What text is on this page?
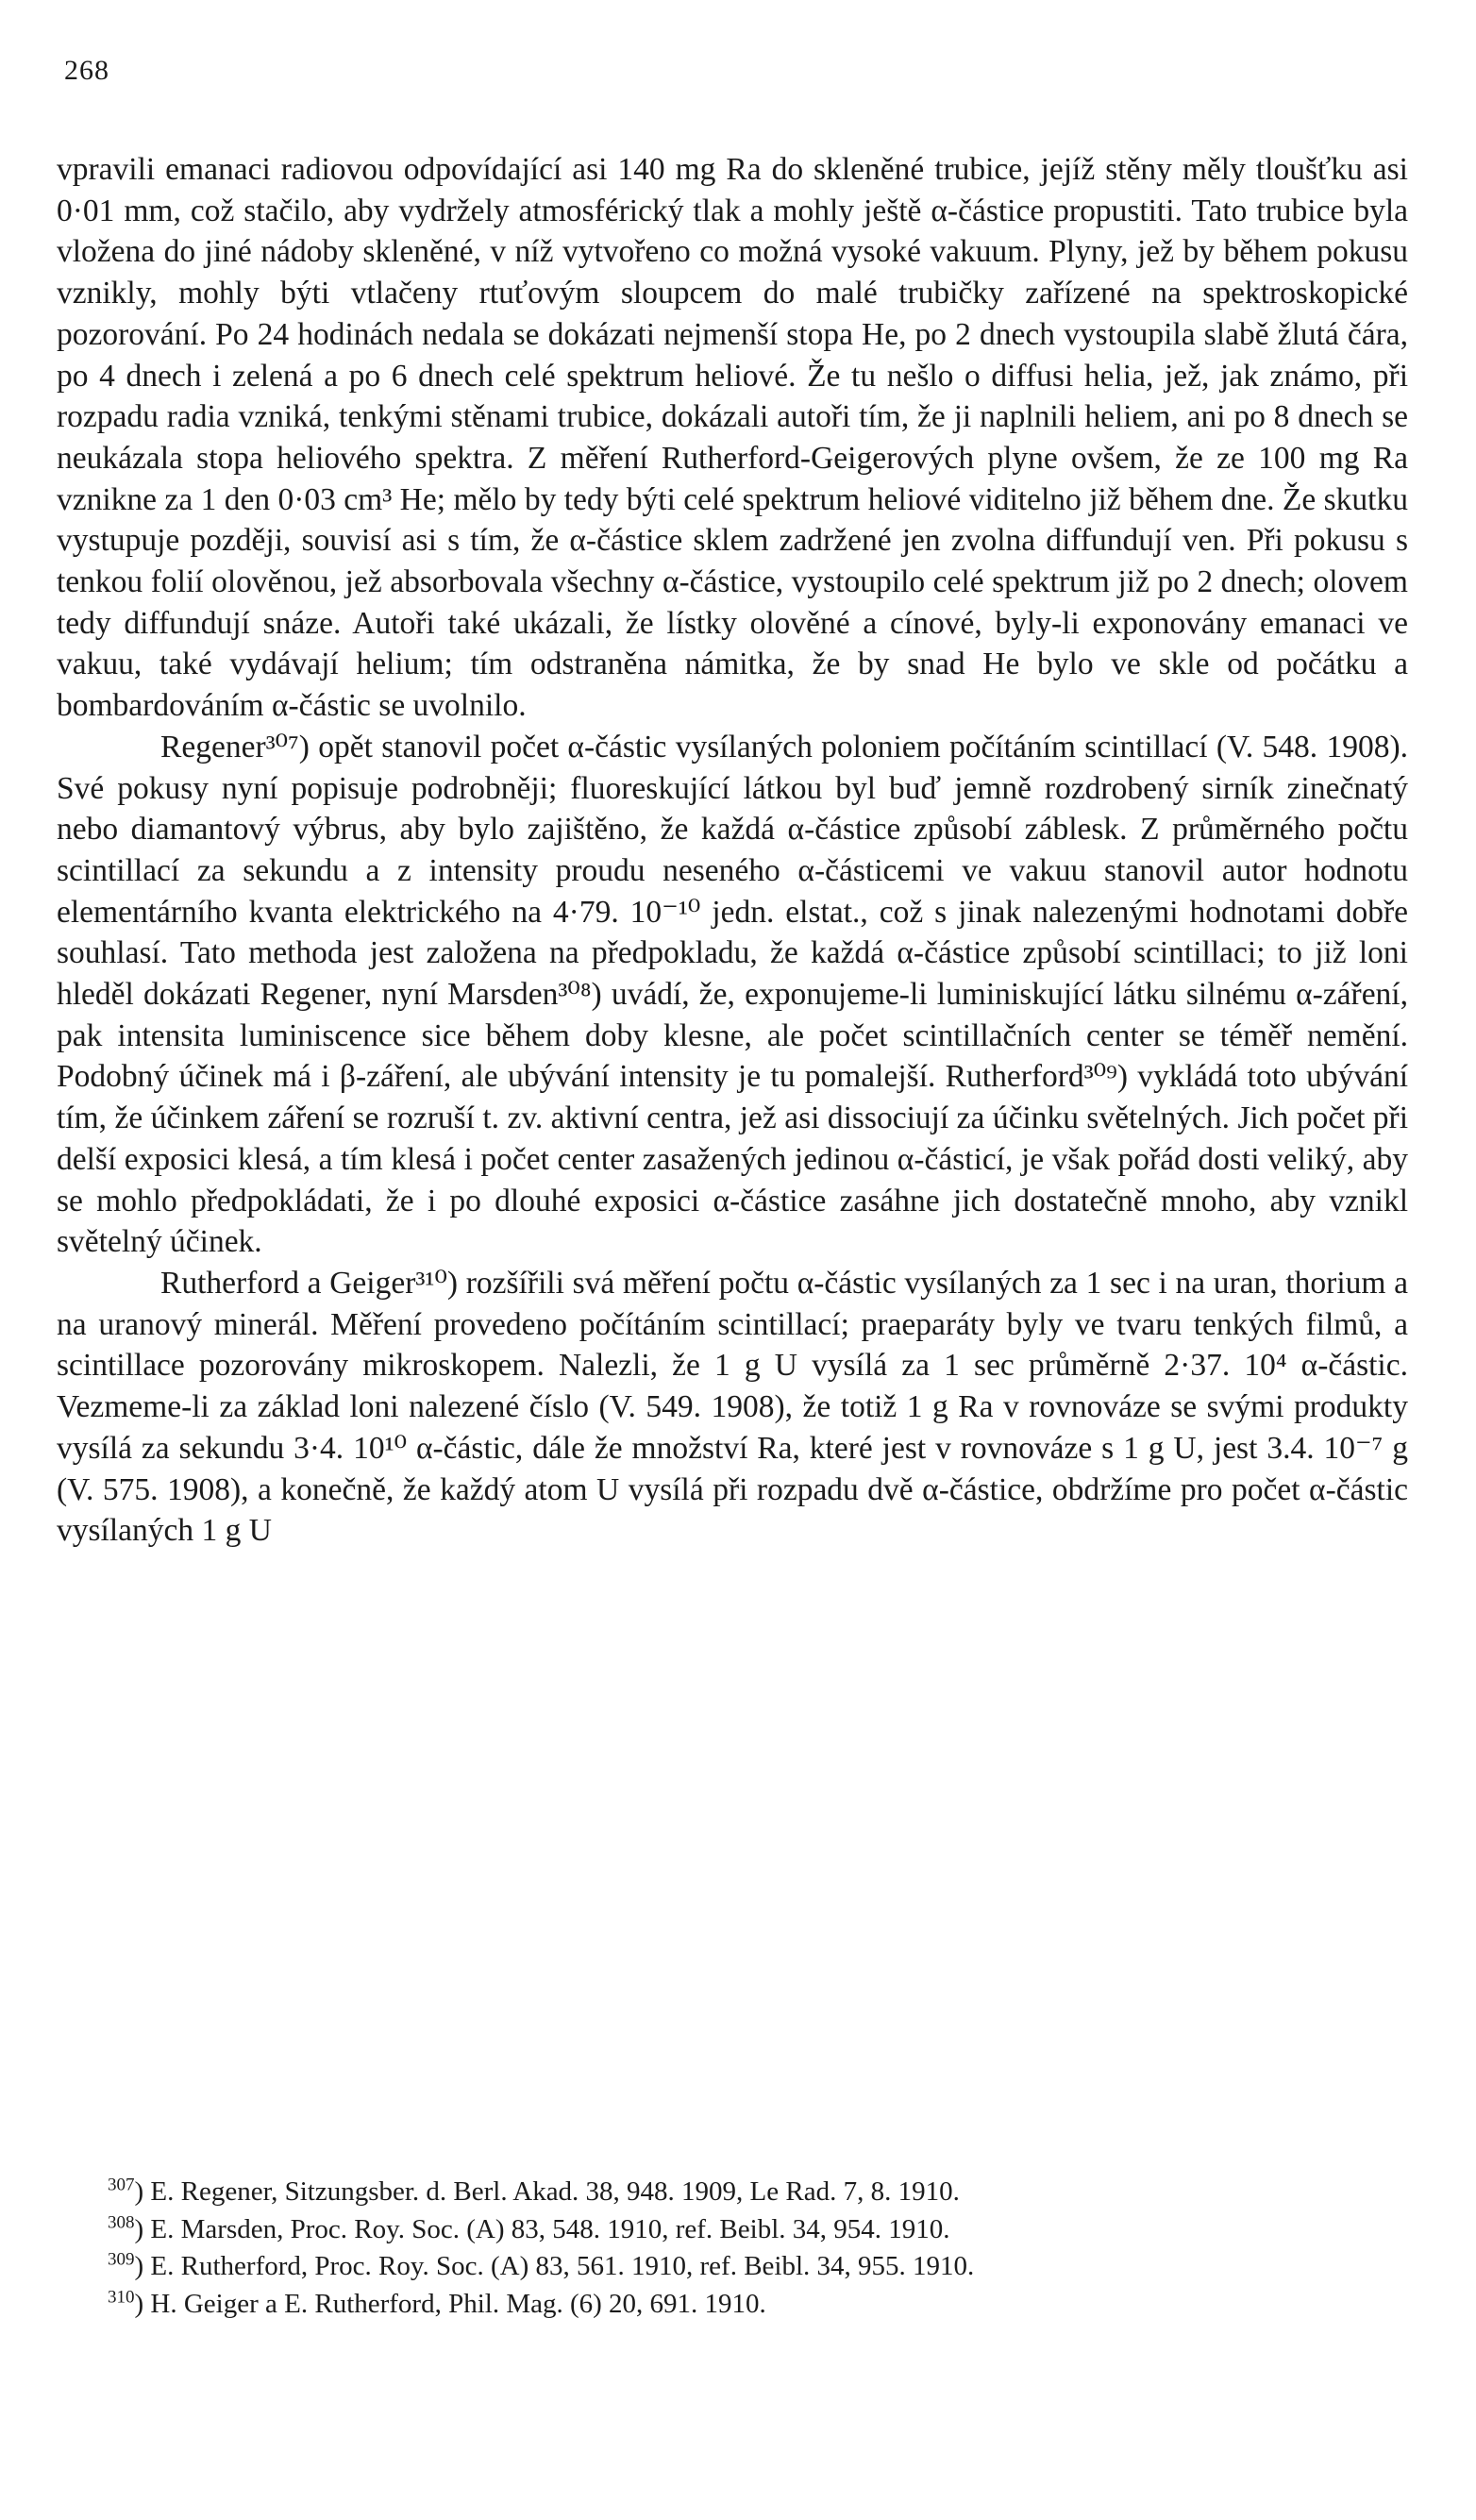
268

vpravili emanaci radiovou odpovídající asi 140 mg Ra do skleněné trubice, jejíž stěny měly tloušťku asi 0·01 mm, což stačilo, aby vydržely atmosférický tlak a mohly ještě α-částice propustiti. Tato trubice byla vložena do jiné nádoby skleněné, v níž vytvořeno co možná vysoké vakuum. Plyny, jež by během pokusu vznikly, mohly býti vtlačeny rtuťovým sloupcem do malé trubičky zařízené na spektroskopické pozorování. Po 24 hodinách nedala se dokázati nejmenší stopa He, po 2 dnech vystoupila slabě žlutá čára, po 4 dnech i zelená a po 6 dnech celé spektrum heliové. Že tu nešlo o diffusi helia, jež, jak známo, při rozpadu radia vzniká, tenkými stěnami trubice, dokázali autoři tím, že ji naplnili heliem, ani po 8 dnech se neukázala stopa heliového spektra. Z měření Rutherford-Geigerových plyne ovšem, že ze 100 mg Ra vznikne za 1 den 0·03 cm³ He; mělo by tedy býti celé spektrum heliové viditelno již během dne. Že skutku vystupuje později, souvisí asi s tím, že α-částice sklem zadržené jen zvolna diffundují ven. Při pokusu s tenkou folií olověnou, jež absorbovala všechny α-částice, vystoupilo celé spektrum již po 2 dnech; olovem tedy diffundují snáze. Autoři také ukázali, že lístky olověné a cínové, byly-li exponovány emanaci ve vakuu, také vydávají helium; tím odstraněna námitka, že by snad He bylo ve skle od počátku a bombardováním α-částic se uvolnilo.

Regener³⁰⁷) opět stanovil počet α-částic vysílaných poloniem počítáním scintillací (V. 548. 1908). Své pokusy nyní popisuje podrobněji; fluoreskující látkou byl buď jemně rozdrobený sirník zinečnatý nebo diamantový výbrus, aby bylo zajištěno, že každá α-částice způsobí záblesk. Z průměrného počtu scintillací za sekundu a z intensity proudu neseného α-částicemi ve vakuu stanovil autor hodnotu elementárního kvanta elektrického na 4·79. 10⁻¹⁰ jedn. elstat., což s jinak nalezenými hodnotami dobře souhlasí. Tato methoda jest založena na předpokladu, že každá α-částice způsobí scintillaci; to již loni hleděl dokázati Regener, nyní Marsden³⁰⁸) uvádí, že, exponujeme-li luminiskující látku silnému α-záření, pak intensita luminiscence sice během doby klesne, ale počet scintillačních center se téměř nemění. Podobný účinek má i β-záření, ale ubývání intensity je tu pomalejší. Rutherford³⁰⁹) vykládá toto ubývání tím, že účinkem záření se rozruší t. zv. aktivní centra, jež asi dissociují za účinku světelných. Jich počet při delší exposici klesá, a tím klesá i počet center zasažených jedinou α-částicí, je však pořád dosti veliký, aby se mohlo předpokládati, že i po dlouhé exposici α-částice zasáhne jich dostatečně mnoho, aby vznikl světelný účinek.

Rutherford a Geiger³¹⁰) rozšířili svá měření počtu α-částic vysílaných za 1 sec i na uran, thorium a na uranový minerál. Měření provedeno počítáním scintillací; praeparáty byly ve tvaru tenkých filmů, a scintillace pozorovány mikroskopem. Nalezli, že 1 g U vysílá za 1 sec průměrně 2·37. 10⁴ α-částic. Vezmeme-li za základ loni nalezené číslo (V. 549. 1908), že totiž 1 g Ra v rovnováze se svými produkty vysílá za sekundu 3·4. 10¹⁰ α-částic, dále že množství Ra, které jest v rovnováze s 1 g U, jest 3.4. 10⁻⁷ g (V. 575. 1908), a konečně, že každý atom U vysílá při rozpadu dvě α-částice, obdržíme pro počet α-částic vysílaných 1 g U

$^{307}$) E. Regener, Sitzungsber. d. Berl. Akad. 38, 948. 1909, Le Rad. 7, 8. 1910.

$^{308}$) E. Marsden, Proc. Roy. Soc. (A) 83, 548. 1910, ref. Beibl. 34, 954. 1910.

$^{309}$) E. Rutherford, Proc. Roy. Soc. (A) 83, 561. 1910, ref. Beibl. 34, 955. 1910.

$^{310}$) H. Geiger a E. Rutherford, Phil. Mag. (6) 20, 691. 1910.
